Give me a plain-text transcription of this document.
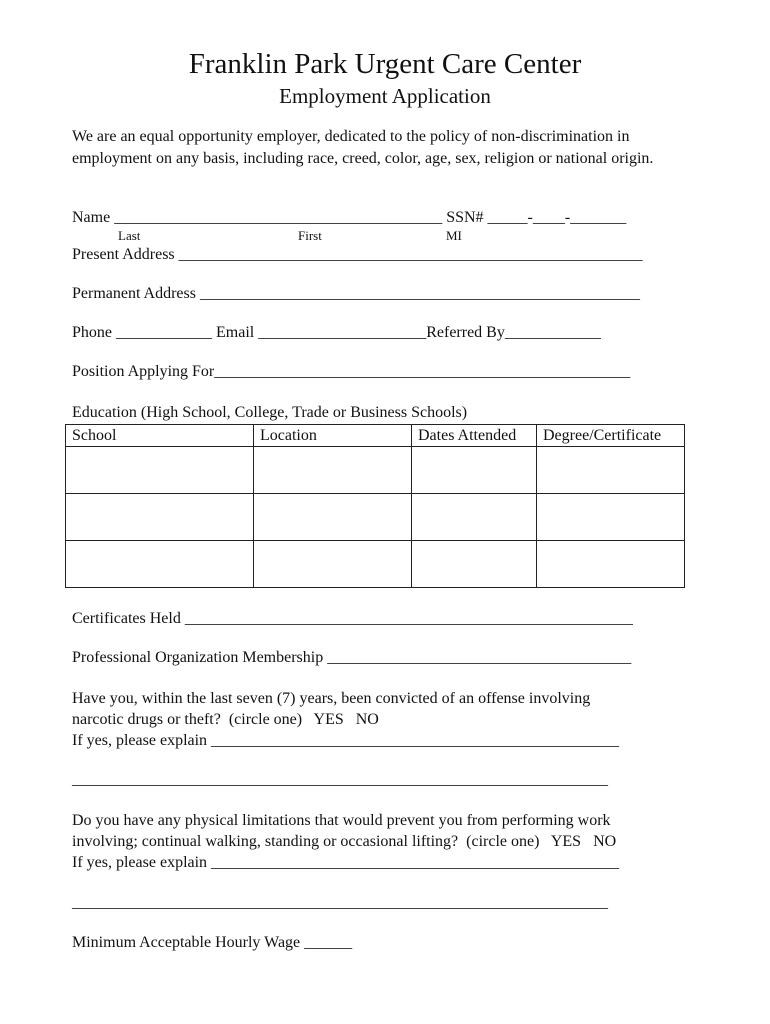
Franklin Park Urgent Care Center
Employment Application
We are an equal opportunity employer, dedicated to the policy of non-discrimination in employment on any basis, including race, creed, color, age, sex, religion or national origin.
Name _________________________________________ SSN# _____-____-_______
Last	First	MI
Present Address __________________________________________________________
Permanent Address _______________________________________________________
Phone ____________ Email _____________________Referred By____________
Position Applying For____________________________________________________
Education (High School, College, Trade or Business Schools)
School	Location	Dates Attended	Degree/Certificate

Certificates Held ________________________________________________________
Professional Organization Membership ______________________________________
Have you, within the last seven (7) years, been convicted of an offense involving
narcotic drugs or theft?  (circle one)   YES   NO
If yes, please explain ___________________________________________________
___________________________________________________________________
Do you have any physical limitations that would prevent you from performing work
involving; continual walking, standing or occasional lifting?  (circle one)   YES   NO
If yes, please explain ___________________________________________________
___________________________________________________________________
Minimum Acceptable Hourly Wage ______
